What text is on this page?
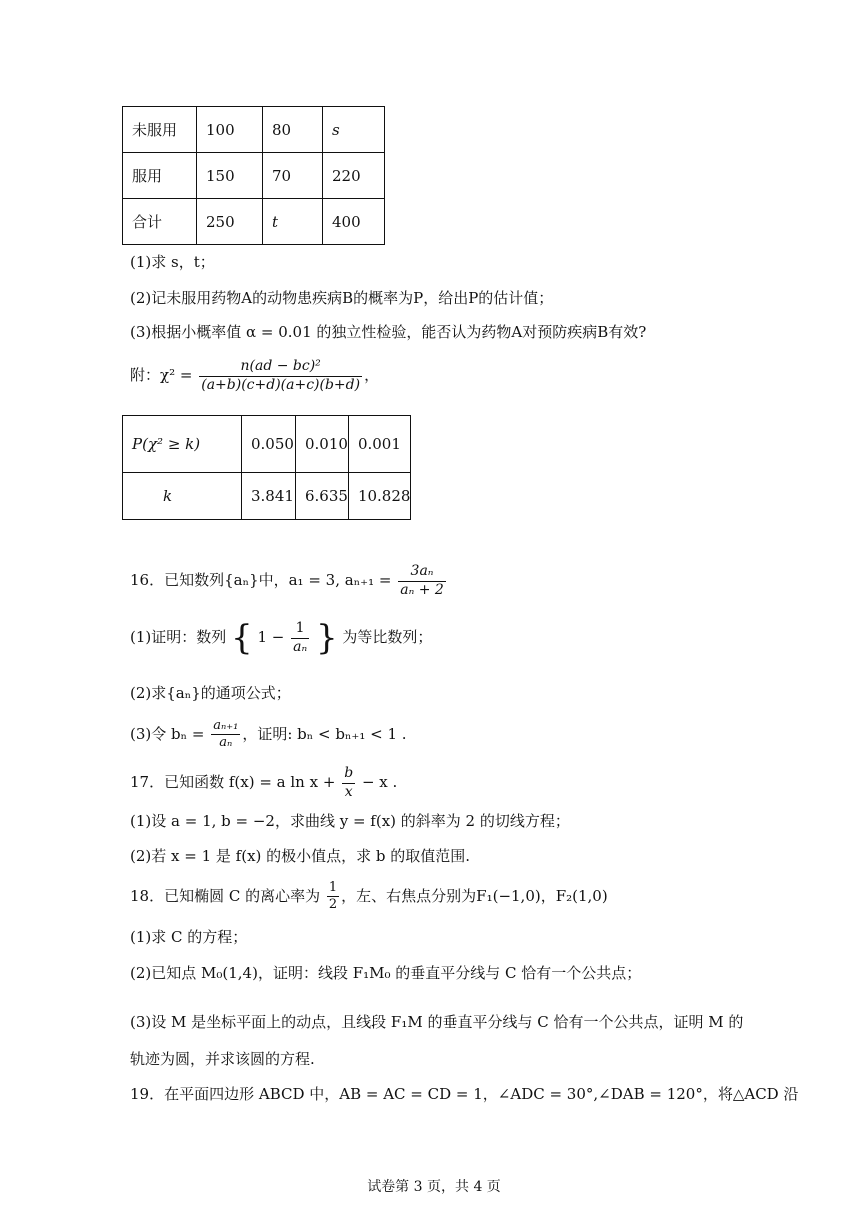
未服用	100	80	s
服用	150	70	220
合计	250	t	400
(1)求 s，t；
(2)记未服用药物A的动物患疾病B的概率为P，给出P的估计值；
(3)根据小概率值 α = 0.01 的独立性检验，能否认为药物A对预防疾病B有效?
附：$\chi^2 = \frac{\text{n(ad − bc)²}}{(a+b)(c+d)(a+c)(b+d)}$ ，
P(χ² ≥ k)	0.050	0.010	0.001
k	3.841	6.635	10.828
16．已知数列{aₙ}中，a₁ = 3, $a_{n+1} = \frac{\text{3aₙ}}{\text{aₙ + 2}}$
(1)证明：数列 { $1 - \frac{1}{\text{aₙ}}$ } 为等比数列；
(2)求{aₙ}的通项公式；
(3)令 $b_n = \frac{\text{aₙ₊₁}}{\text{aₙ}}$ ，证明: bₙ < bₙ₊₁ < 1 .
17．已知函数 f(x) = a $\ln x + \frac{b}{x} - x$ .
(1)设 a = 1, b = −2，求曲线 y = f(x) 的斜率为 2 的切线方程；
(2)若 x = 1 是 f(x) 的极小值点，求 b 的取值范围.
18．已知椭圆 C 的离心率为 $\frac{1}{2}$ ，左、右焦点分别为F₁(−1,0)，F₂(1,0)
(1)求 C 的方程；
(2)已知点 M₀(1,4)，证明：线段 F₁M₀ 的垂直平分线与 C 恰有一个公共点；
(3)设 M 是坐标平面上的动点，且线段 F₁M 的垂直平分线与 C 恰有一个公共点，证明 M 的
轨迹为圆，并求该圆的方程.
19．在平面四边形 ABCD 中，AB = AC = CD = 1，∠ADC = 30°,∠DAB = 120°，将△ACD 沿
试卷第 3 页，共 4 页
